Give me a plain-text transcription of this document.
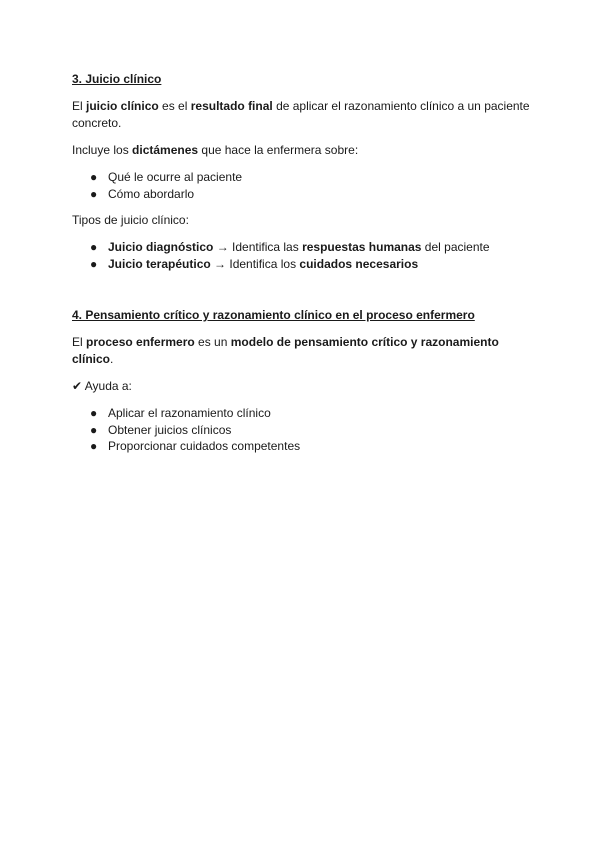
3. Juicio clínico

El juicio clínico es el resultado final de aplicar el razonamiento clínico a un paciente concreto.

Incluye los dictámenes que hace la enfermera sobre:

● Qué le ocurre al paciente
● Cómo abordarlo

Tipos de juicio clínico:

● Juicio diagnóstico → Identifica las respuestas humanas del paciente
● Juicio terapéutico → Identifica los cuidados necesarios
4. Pensamiento crítico y razonamiento clínico en el proceso enfermero

El proceso enfermero es un modelo de pensamiento crítico y razonamiento clínico.

✔ Ayuda a:

● Aplicar el razonamiento clínico
● Obtener juicios clínicos
● Proporcionar cuidados competentes
